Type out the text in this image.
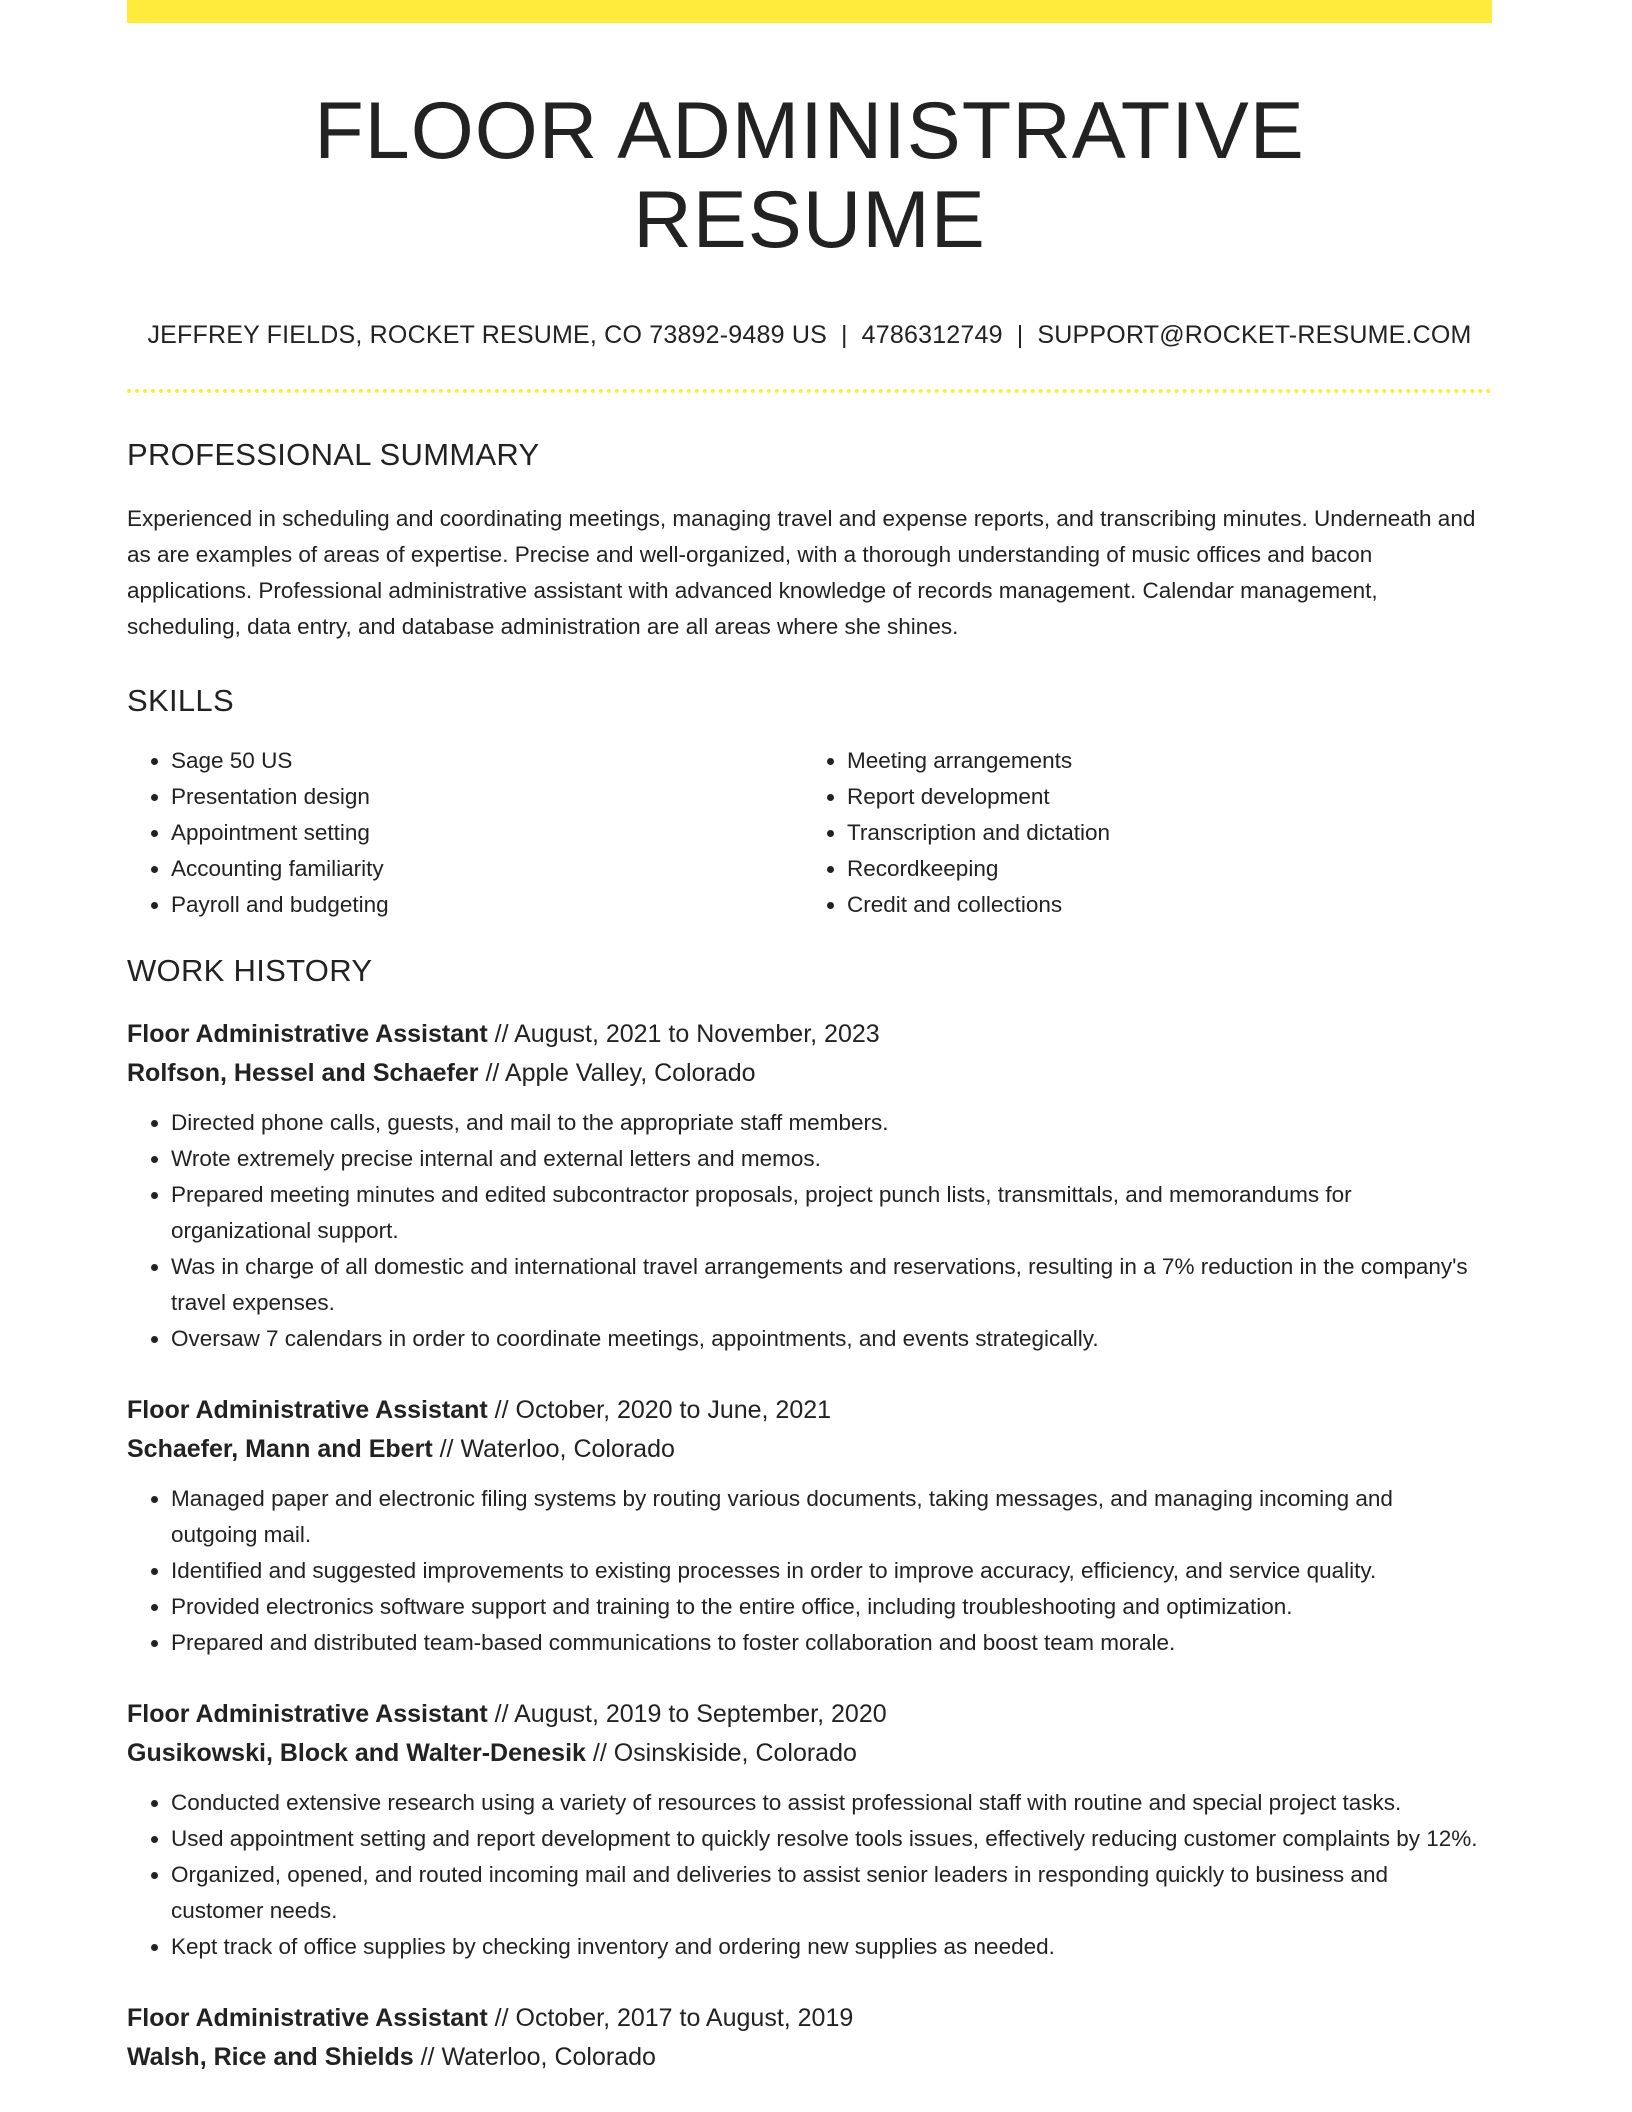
FLOOR ADMINISTRATIVE RESUME
JEFFREY FIELDS, ROCKET RESUME, CO 73892-9489 US | 4786312749 | SUPPORT@ROCKET-RESUME.COM
PROFESSIONAL SUMMARY

Experienced in scheduling and coordinating meetings, managing travel and expense reports, and transcribing minutes. Underneath and as are examples of areas of expertise. Precise and well-organized, with a thorough understanding of music offices and bacon applications. Professional administrative assistant with advanced knowledge of records management. Calendar management, scheduling, data entry, and database administration are all areas where she shines.

SKILLS
• Sage 50 US
• Presentation design
• Appointment setting
• Accounting familiarity
• Payroll and budgeting
• Meeting arrangements
• Report development
• Transcription and dictation
• Recordkeeping
• Credit and collections
WORK HISTORY
Floor Administrative Assistant // August, 2021 to November, 2023
Rolfson, Hessel and Schaefer // Apple Valley, Colorado
• Directed phone calls, guests, and mail to the appropriate staff members.
• Wrote extremely precise internal and external letters and memos.
• Prepared meeting minutes and edited subcontractor proposals, project punch lists, transmittals, and memorandums for organizational support.
• Was in charge of all domestic and international travel arrangements and reservations, resulting in a 7% reduction in the company's travel expenses.
• Oversaw 7 calendars in order to coordinate meetings, appointments, and events strategically.
Floor Administrative Assistant // October, 2020 to June, 2021
Schaefer, Mann and Ebert // Waterloo, Colorado
• Managed paper and electronic filing systems by routing various documents, taking messages, and managing incoming and outgoing mail.
• Identified and suggested improvements to existing processes in order to improve accuracy, efficiency, and service quality.
• Provided electronics software support and training to the entire office, including troubleshooting and optimization.
• Prepared and distributed team-based communications to foster collaboration and boost team morale.
Floor Administrative Assistant // August, 2019 to September, 2020
Gusikowski, Block and Walter-Denesik // Osinskiside, Colorado
• Conducted extensive research using a variety of resources to assist professional staff with routine and special project tasks.
• Used appointment setting and report development to quickly resolve tools issues, effectively reducing customer complaints by 12%.
• Organized, opened, and routed incoming mail and deliveries to assist senior leaders in responding quickly to business and customer needs.
• Kept track of office supplies by checking inventory and ordering new supplies as needed.
Floor Administrative Assistant // October, 2017 to August, 2019
Walsh, Rice and Shields // Waterloo, Colorado
